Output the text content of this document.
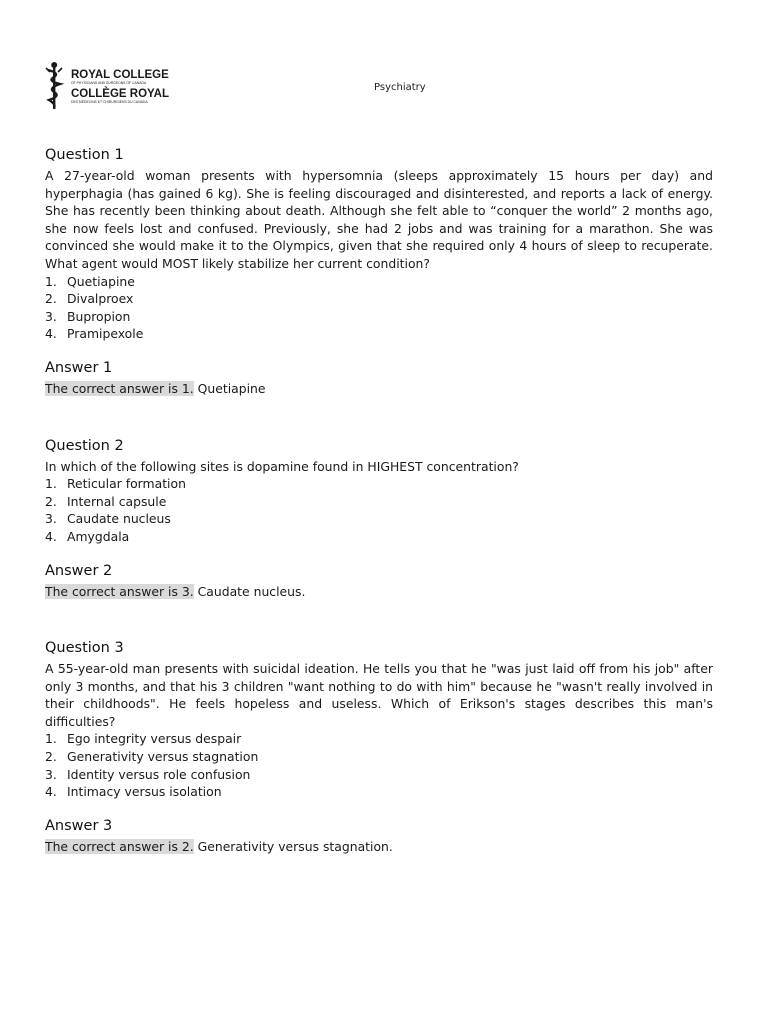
ROYAL COLLEGE
OF PHYSICIANS AND SURGEONS OF CANADA
COLLÈGE ROYAL
DES MÉDECINS ET CHIRURGIENS DU CANADA
Psychiatry
Question 1

A 27-year-old woman presents with hypersomnia (sleeps approximately 15 hours per day) and hyperphagia (has gained 6 kg). She is feeling discouraged and disinterested, and reports a lack of energy. She has recently been thinking about death. Although she felt able to “conquer the world” 2 months ago, she now feels lost and confused. Previously, she had 2 jobs and was training for a marathon. She was convinced she would make it to the Olympics, given that she required only 4 hours of sleep to recuperate. What agent would MOST likely stabilize her current condition?

1. Quetiapine
2. Divalproex
3. Bupropion
4. Pramipexole
Answer 1

The correct answer is 1. Quetiapine

Question 2

In which of the following sites is dopamine found in HIGHEST concentration?

1. Reticular formation
2. Internal capsule
3. Caudate nucleus
4. Amygdala
Answer 2

The correct answer is 3. Caudate nucleus.

Question 3

A 55-year-old man presents with suicidal ideation. He tells you that he "was just laid off from his job" after only 3 months, and that his 3 children "want nothing to do with him" because he "wasn't really involved in their childhoods". He feels hopeless and useless. Which of Erikson's stages describes this man's difficulties?

1. Ego integrity versus despair
2. Generativity versus stagnation
3. Identity versus role confusion
4. Intimacy versus isolation
Answer 3

The correct answer is 2. Generativity versus stagnation.
